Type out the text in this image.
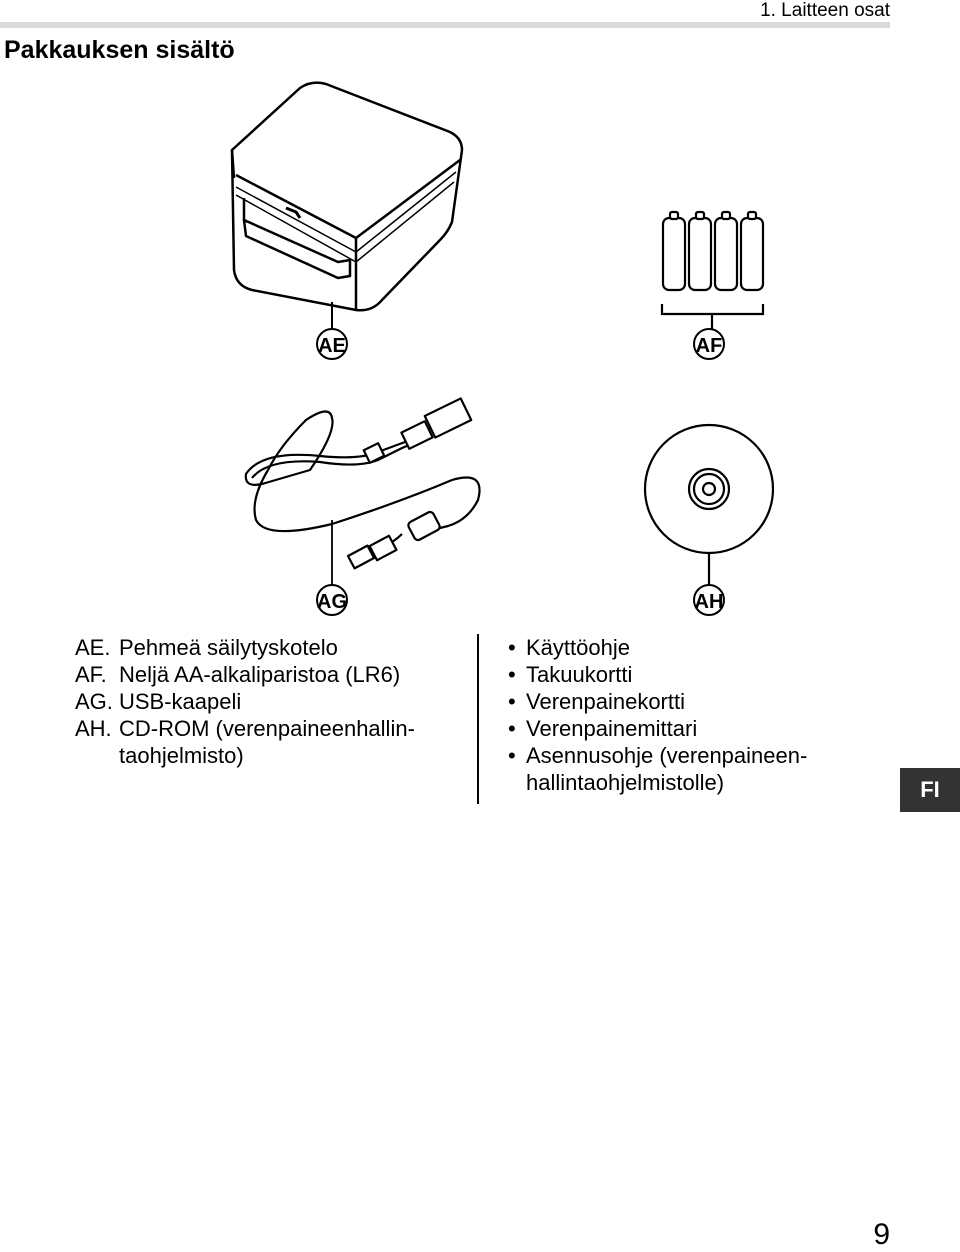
1. Laitteen osat
Pakkauksen sisältö
AE	AF
AG	AH
AE. Pehmeä säilytyskotelo
AF. Neljä AA-alkaliparistoa (LR6)
AG. USB-kaapeli
AH. CD-ROM (verenpaineenhallin-
taohjelmisto)
• Käyttöohje
• Takuukortti
• Verenpainekortti
• Verenpainemittari
• Asennusohje (verenpaineen-
hallintaohjelmistolle)	FI
9
